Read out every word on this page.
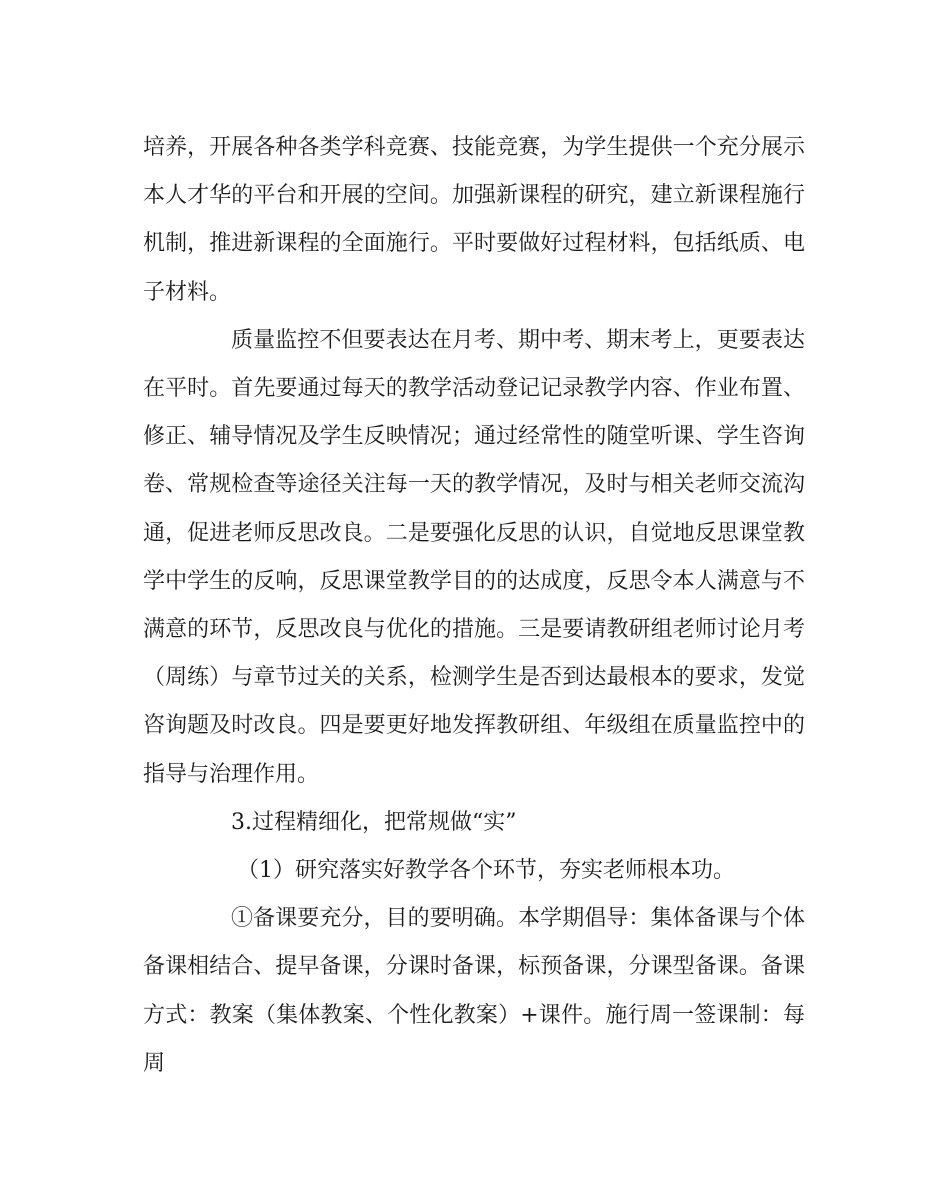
培养，开展各种各类学科竞赛、技能竞赛，为学生提供一个充分展示本人才华的平台和开展的空间。加强新课程的研究，建立新课程施行机制，推进新课程的全面施行。平时要做好过程材料，包括纸质、电子材料。

质量监控不但要表达在月考、期中考、期末考上，更要表达在平时。首先要通过每天的教学活动登记记录教学内容、作业布置、修正、辅导情况及学生反映情况；通过经常性的随堂听课、学生咨询卷、常规检查等途径关注每一天的教学情况，及时与相关老师交流沟通，促进老师反思改良。二是要强化反思的认识，自觉地反思课堂教学中学生的反响，反思课堂教学目的的达成度，反思令本人满意与不满意的环节，反思改良与优化的措施。三是要请教研组老师讨论月考（周练）与章节过关的关系，检测学生是否到达最根本的要求，发觉咨询题及时改良。四是要更好地发挥教研组、年级组在质量监控中的指导与治理作用。

3.过程精细化，把常规做“实”

（1）研究落实好教学各个环节，夯实老师根本功。

①备课要充分，目的要明确。本学期倡导：集体备课与个体备课相结合、提早备课，分课时备课，标预备课，分课型备课。备课方式：教案（集体教案、个性化教案）+课件。施行周一签课制：每周
